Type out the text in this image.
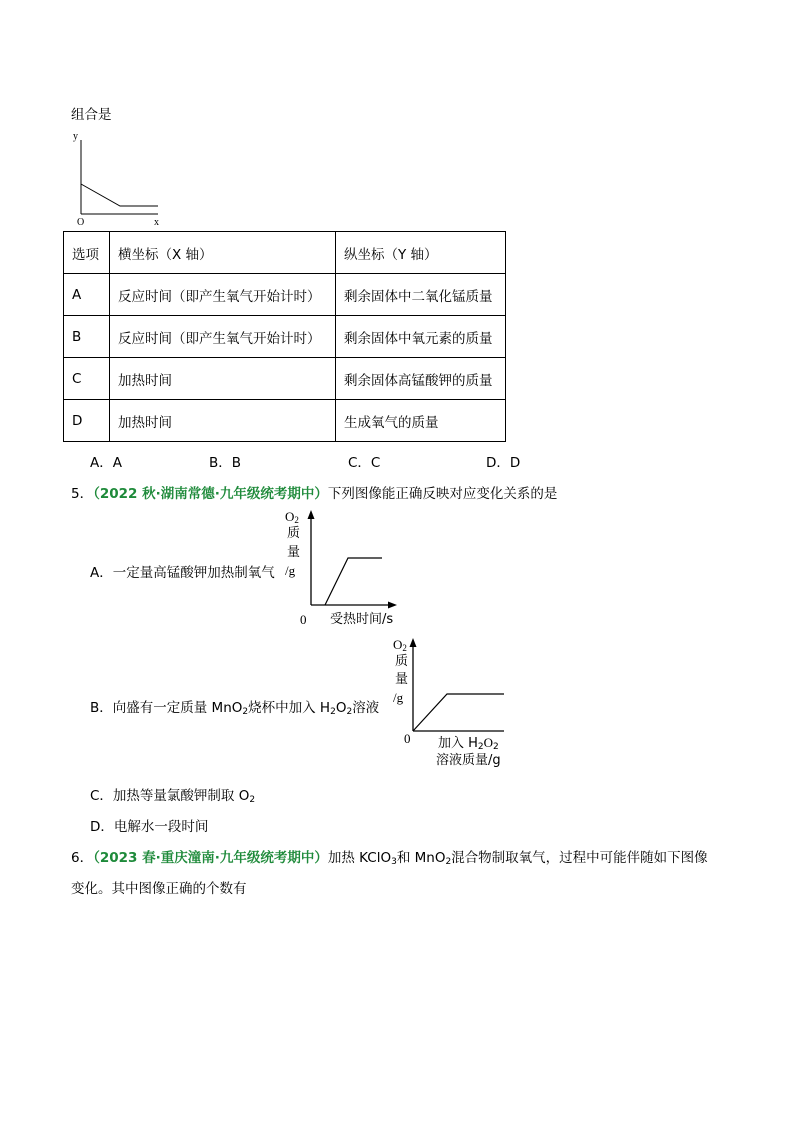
组合是
y
O	x
选项	横坐标（X 轴）	纵坐标（Y 轴）
A	反应时间（即产生氧气开始计时）	剩余固体中二氧化锰质量
B	反应时间（即产生氧气开始计时）	剩余固体中氧元素的质量
C	加热时间	剩余固体高锰酸钾的质量
D	加热时间	生成氧气的质量
A．A	B．B	C．C	D．D
5．（2022 秋·湖南常德·九年级统考期中）下列图像能正确反映对应变化关系的是
A．一定量高锰酸钾加热制氧气
$O_2$
质
量
/g
0 受热时间/s
B．向盛有一定质量 MnO$_2$烧杯中加入 $H_2O_2$溶液
$O_2$
质
量
/g
0 加入 $H_2O_2$
溶液质量/g
C．加热等量氯酸钾制取 $O_2$
D．电解水一段时间
6．（2023 春·重庆潼南·九年级统考期中）加热 KClO$_3$和 MnO$_2$混合物制取氧气，过程中可能伴随如下图像
变化。其中图像正确的个数有
